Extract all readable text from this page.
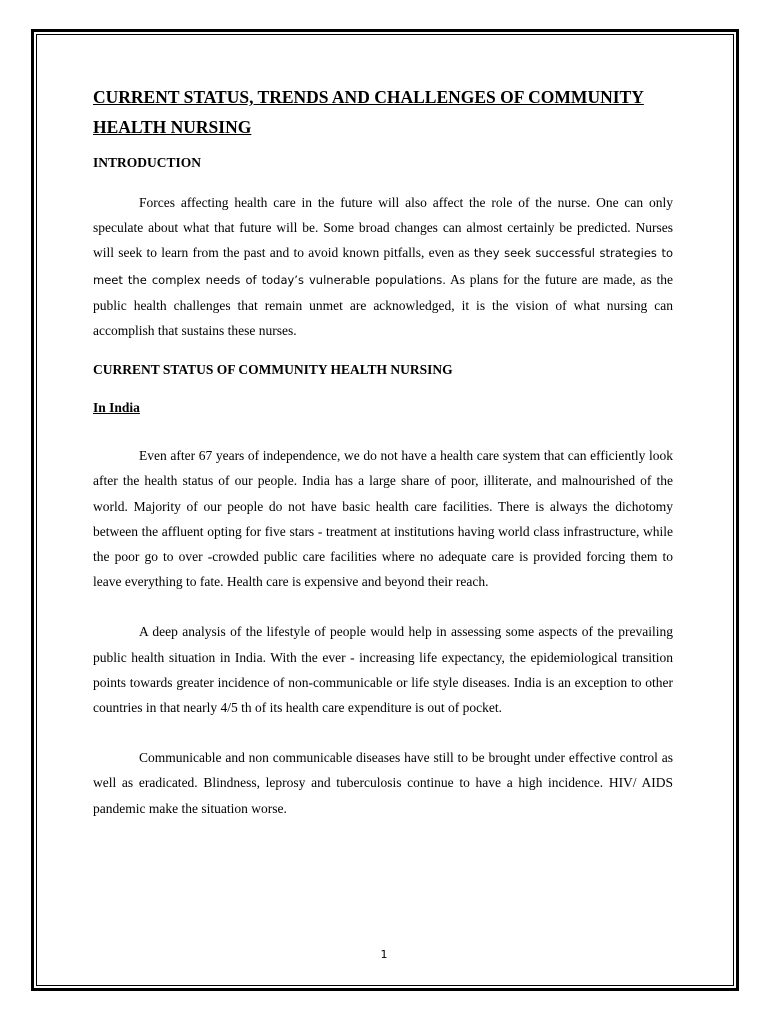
CURRENT STATUS, TRENDS AND CHALLENGES OF COMMUNITY HEALTH NURSING
INTRODUCTION

Forces affecting health care in the future will also affect the role of the nurse. One can only speculate about what that future will be. Some broad changes can almost certainly be predicted. Nurses will seek to learn from the past and to avoid known pitfalls, even as they seek successful strategies to meet the complex needs of today’s vulnerable populations. As plans for the future are made, as the public health challenges that remain unmet are acknowledged, it is the vision of what nursing can accomplish that sustains these nurses.

CURRENT STATUS OF COMMUNITY HEALTH NURSING
In India

Even after 67 years of independence, we do not have a health care system that can efficiently look after the health status of our people. India has a large share of poor, illiterate, and malnourished of the world. Majority of our people do not have basic health care facilities. There is always the dichotomy between the affluent opting for five stars - treatment at institutions having world class infrastructure, while the poor go to over -crowded public care facilities where no adequate care is provided forcing them to leave everything to fate. Health care is expensive and beyond their reach.

A deep analysis of the lifestyle of people would help in assessing some aspects of the prevailing public health situation in India. With the ever - increasing life expectancy, the epidemiological transition points towards greater incidence of non-communicable or life style diseases. India is an exception to other countries in that nearly 4/5 th of its health care expenditure is out of pocket.

Communicable and non communicable diseases have still to be brought under effective control as well as eradicated. Blindness, leprosy and tuberculosis continue to have a high incidence. HIV/ AIDS pandemic make the situation worse.

1
